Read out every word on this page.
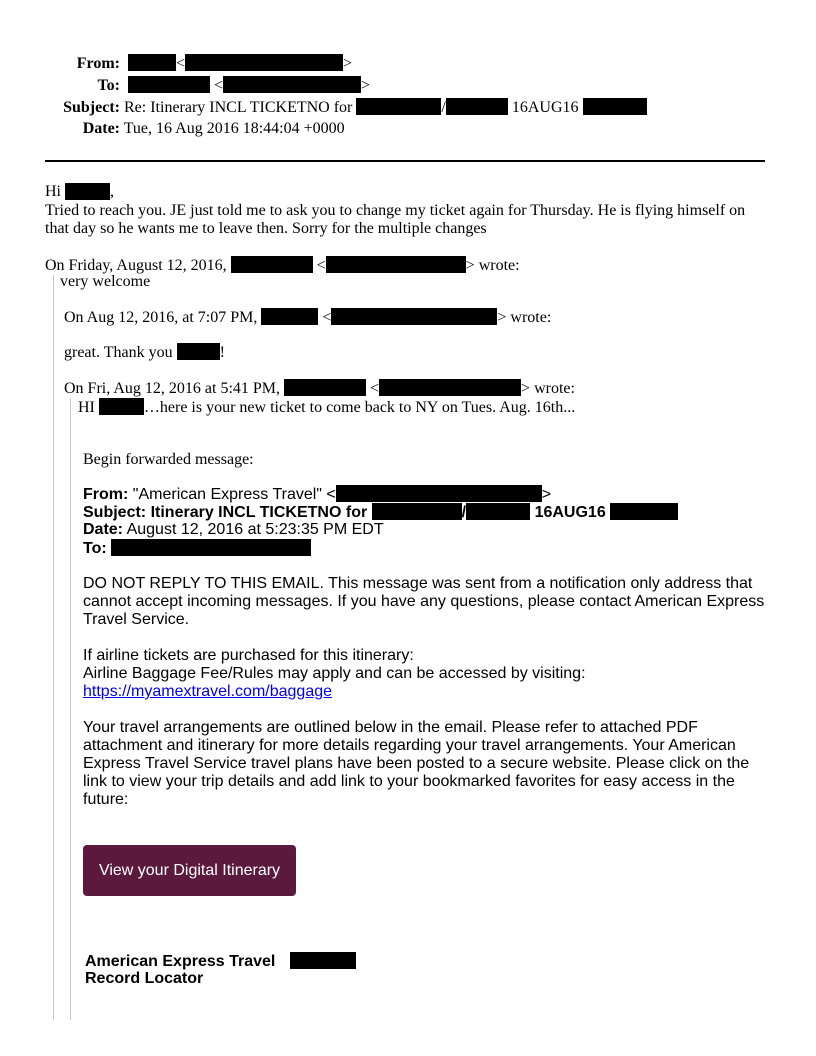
From:	<	>
To:	<	>
Subject: Re: Itinerary INCL TICKETNO for	/	16AUG16
Date: Tue, 16 Aug 2016 18:44:04 +0000
Hi	,
Tried to reach you. JE just told me to ask you to change my ticket again for Thursday. He is flying himself on that day so he wants me to leave then. Sorry for the multiple changes
On Friday, August 12, 2016,	<	> wrote:
very welcome
On Aug 12, 2016, at 7:07 PM,	<	> wrote:
great. Thank you	!
On Fri, Aug 12, 2016 at 5:41 PM,	<	> wrote:
HI	…here is your new ticket to come back to NY on Tues. Aug. 16th...
Begin forwarded message:
From: "American Express Travel" <	>
Subject: Itinerary INCL TICKETNO for	/	16AUG16
Date: August 12, 2016 at 5:23:35 PM EDT
To:
DO NOT REPLY TO THIS EMAIL. This message was sent from a notification only address that cannot accept incoming messages. If you have any questions, please contact American Express Travel Service.
If airline tickets are purchased for this itinerary:
Airline Baggage Fee/Rules may apply and can be accessed by visiting:
https://myamextravel.com/baggage
Your travel arrangements are outlined below in the email. Please refer to attached PDF attachment and itinerary for more details regarding your travel arrangements. Your American Express Travel Service travel plans have been posted to a secure website. Please click on the link to view your trip details and add link to your bookmarked favorites for easy access in the future:
View your Digital Itinerary
American Express Travel
Record Locator
